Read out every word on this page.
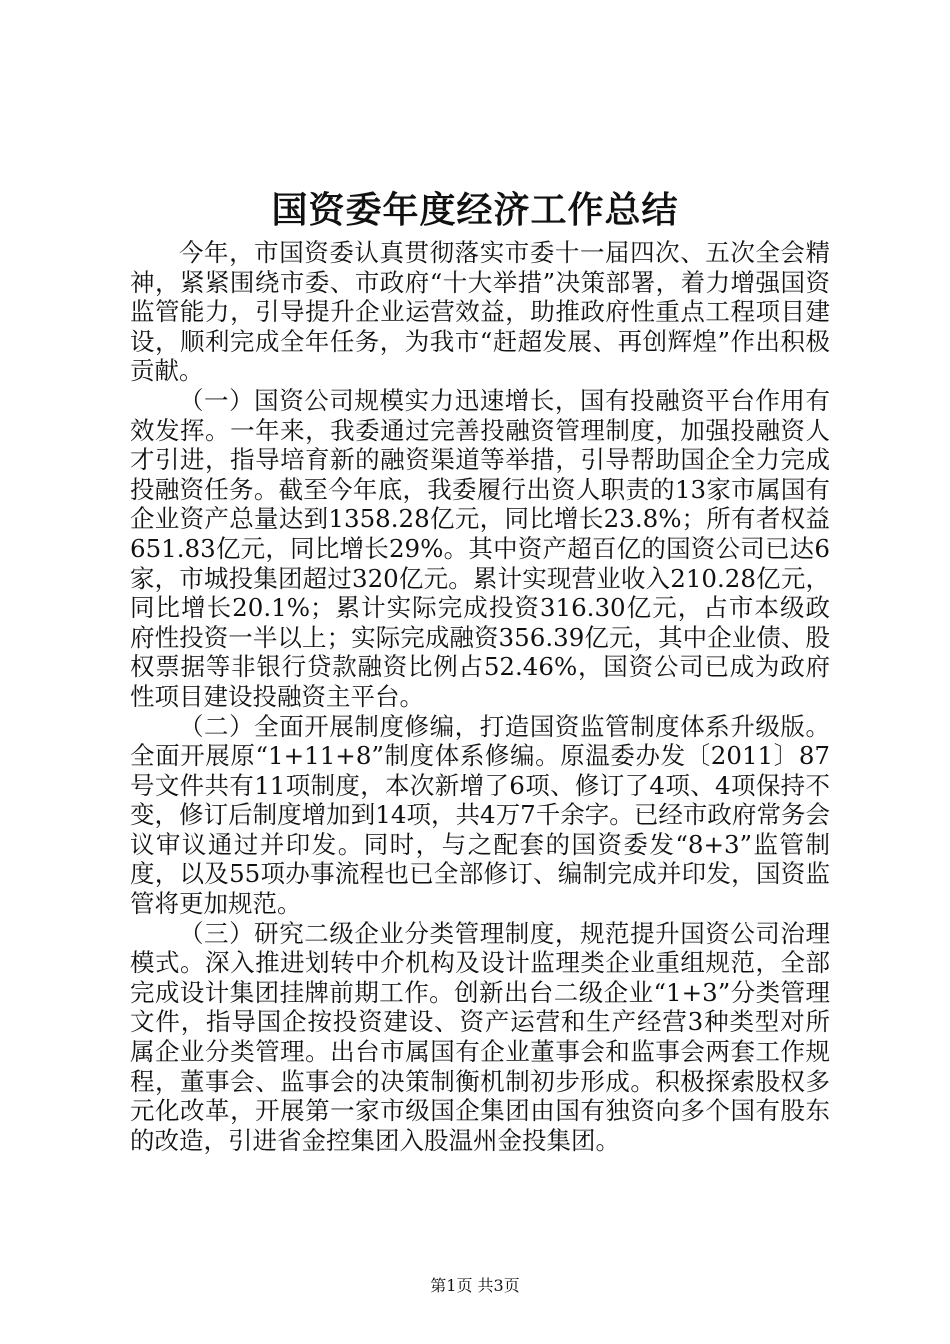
国资委年度经济工作总结

今年，市国资委认真贯彻落实市委十一届四次、五次全会精神，紧紧围绕市委、市政府“十大举措”决策部署，着力增强国资监管能力，引导提升企业运营效益，助推政府性重点工程项目建设，顺利完成全年任务，为我市“赶超发展、再创辉煌”作出积极贡献。

（一）国资公司规模实力迅速增长，国有投融资平台作用有效发挥。一年来，我委通过完善投融资管理制度，加强投融资人才引进，指导培育新的融资渠道等举措，引导帮助国企全力完成投融资任务。截至今年底，我委履行出资人职责的13家市属国有企业资产总量达到1358.28亿元，同比增长23.8%；所有者权益651.83亿元，同比增长29%。其中资产超百亿的国资公司已达6家，市城投集团超过320亿元。累计实现营业收入210.28亿元，同比增长20.1%；累计实际完成投资316.30亿元，占市本级政府性投资一半以上；实际完成融资356.39亿元，其中企业债、股权票据等非银行贷款融资比例占52.46%，国资公司已成为政府性项目建设投融资主平台。

（二）全面开展制度修编，打造国资监管制度体系升级版。全面开展原“1+11+8”制度体系修编。原温委办发〔2011〕87号文件共有11项制度，本次新增了6项、修订了4项、4项保持不变，修订后制度增加到14项，共4万7千余字。已经市政府常务会议审议通过并印发。同时，与之配套的国资委发“8+3”监管制度，以及55项办事流程也已全部修订、编制完成并印发，国资监管将更加规范。

（三）研究二级企业分类管理制度，规范提升国资公司治理模式。深入推进划转中介机构及设计监理类企业重组规范，全部完成设计集团挂牌前期工作。创新出台二级企业“1+3”分类管理文件，指导国企按投资建设、资产运营和生产经营3种类型对所属企业分类管理。出台市属国有企业董事会和监事会两套工作规程，董事会、监事会的决策制衡机制初步形成。积极探索股权多元化改革，开展第一家市级国企集团由国有独资向多个国有股东的改造，引进省金控集团入股温州金投集团。

第1页 共3页
